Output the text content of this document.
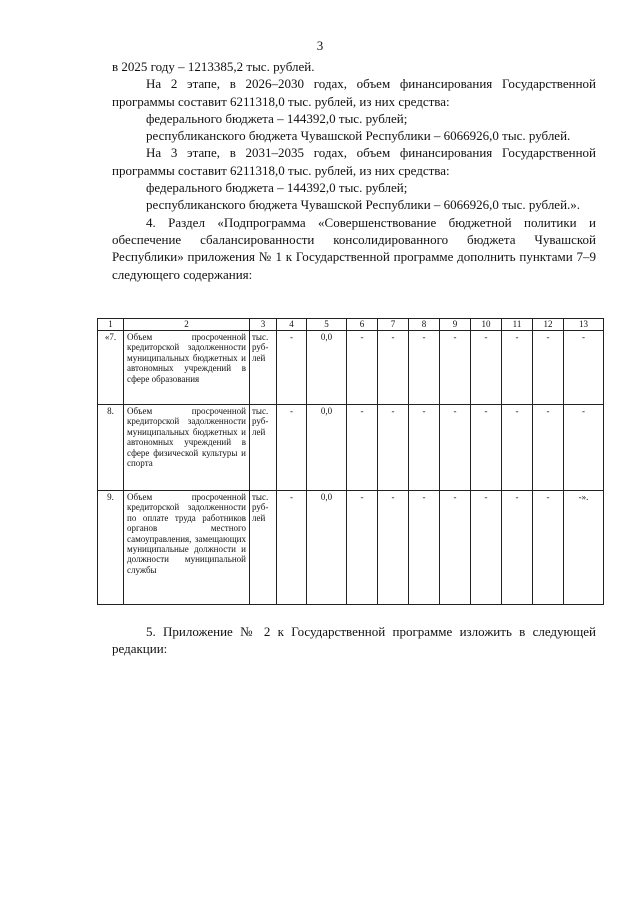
3

в 2025 году – 1213385,2 тыс. рублей.

На 2 этапе, в 2026–2030 годах, объем финансирования Государственной программы составит 6211318,0 тыс. рублей, из них средства:

федерального бюджета – 144392,0 тыс. рублей;

республиканского бюджета Чувашской Республики – 6066926,0 тыс. рублей.

На 3 этапе, в 2031–2035 годах, объем финансирования Государственной программы составит 6211318,0 тыс. рублей, из них средства:

федерального бюджета – 144392,0 тыс. рублей;

республиканского бюджета Чувашской Республики – 6066926,0 тыс. рублей.».

4. Раздел «Подпрограмма «Совершенствование бюджетной политики и обеспечение сбалансированности консолидированного бюджета Чувашской Республики» приложения № 1 к Государственной программе дополнить пунктами 7–9 следующего содержания:

1	2	3	4	5	6	7	8	9	10	11	12	13
«7.	Объем просроченной кредиторской задолженности муниципальных бюджетных и автономных учреждений в сфере образования	тыс. рублей	-	0,0	-	-	-	-	-	-	-	-
8.	Объем просроченной кредиторской задолженности муниципальных бюджетных и автономных учреждений в сфере физической культуры и спорта	тыс. рублей	-	0,0	-	-	-	-	-	-	-	-
9.	Объем просроченной кредиторской задолженности по оплате труда работников органов местного самоуправления, замещающих муниципальные должности и должности муниципальной службы	тыс. рублей	-	0,0	-	-	-	-	-	-	-	-».

5. Приложение № 2 к Государственной программе изложить в следующей редакции:
